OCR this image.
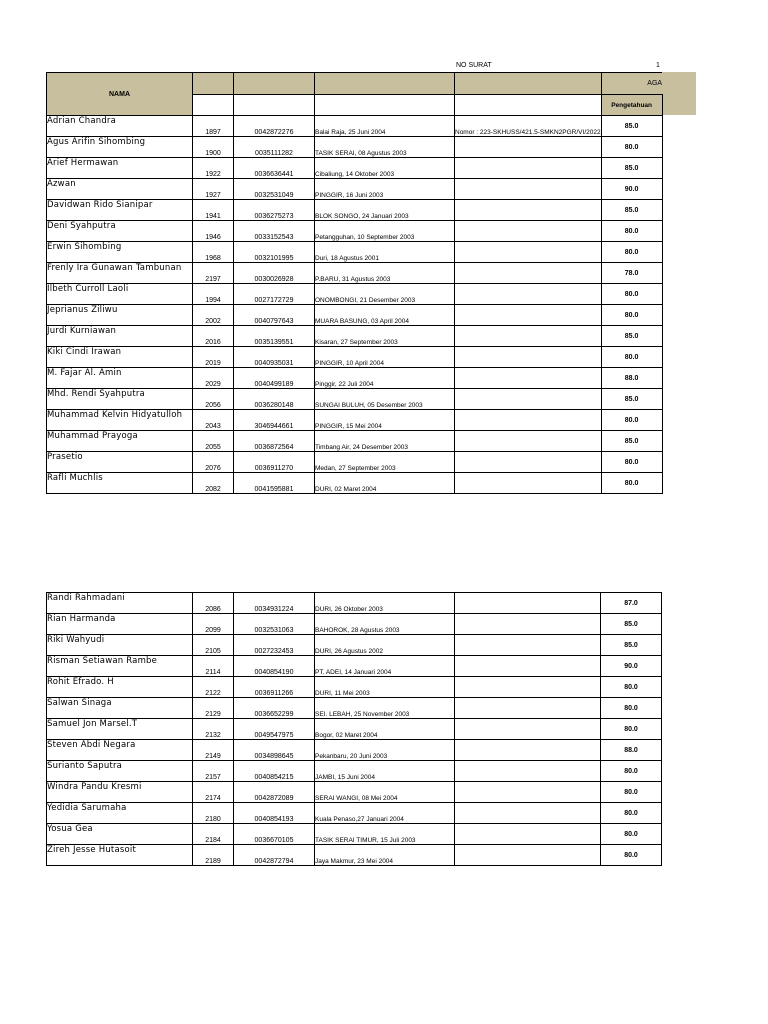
NO SURAT	1
NAMA					AGA
					Pengetahuan
Adrian Chandra	1897	0042872276	Balai Raja, 25 Juni 2004	Nomor : 223-SKHUSS/421.5-SMKN2PGR/VI/2022	85.0
Agus Arifin Sihombing	1900	0035111282	TASIK SERAI, 08 Agustus 2003		80.0
Arief Hermawan	1922	0036636441	Cibaliung, 14 Oktober 2003		85.0
Azwan	1927	0032531049	PINGGIR, 16 Juni 2003		90.0
Davidwan Rido Sianipar	1941	0036275273	BLOK SONGO, 24 Januari 2003		85.0
Deni Syahputra	1946	0033152543	Petangguhan, 10 September 2003		80.0
Erwin Sihombing	1968	0032101995	Duri, 18 Agustus 2001		80.0
Frenly Ira Gunawan Tambunan	2197	0030026928	P.BARU, 31 Agustus 2003		78.0
Ilbeth Curroll Laoli	1994	0027172729	ONOMBONGI, 21 Desember 2003		80.0
Jeprianus Ziliwu	2002	0040797643	MUARA BASUNG, 03 April 2004		80.0
Jurdi Kurniawan	2016	0035139551	Kisaran, 27 September 2003		85.0
Kiki Cindi Irawan	2019	0040935031	PINGGIR, 10 April 2004		80.0
M. Fajar Al. Amin	2029	0040499189	Pinggir, 22 Juli 2004		88.0
Mhd. Rendi Syahputra	2056	0036280148	SUNGAI BULUH, 05 Desember 2003		85.0
Muhammad Kelvin Hidyatulloh	2043	3046944661	PINGGIR, 15 Mei 2004		80.0
Muhammad Prayoga	2055	0036872564	Timbang Air, 24 Desember 2003		85.0
Prasetio	2076	0036911270	Medan, 27 September 2003		80.0
Rafli Muchlis	2082	0041595881	DURI, 02 Maret 2004		80.0
Randi Rahmadani	2086	0034931224	DURI, 26 Oktober 2003		87.0
Rian Harmanda	2099	0032531063	BAHOROK, 28 Agustus 2003		85.0
Riki Wahyudi	2105	0027232453	DURI, 26 Agustus 2002		85.0
Risman Setiawan Rambe	2114	0040854190	PT. ADEI, 14 Januari 2004		90.0
Rohit Efrado. H	2122	0036911266	DURI, 11 Mei 2003		80.0
Salwan Sinaga	2129	0036652299	SEI. LEBAH, 25 November 2003		80.0
Samuel Jon Marsel.T	2132	0049547975	Bogor, 02 Maret 2004		80.0
Steven Abdi Negara	2149	0034898645	Pekanbaru, 20 Juni 2003		88.0
Surianto Saputra	2157	0040854215	JAMBI, 15 Juni 2004		80.0
Windra Pandu Kresmi	2174	0042872089	SERAI WANGI, 08 Mei 2004		80.0
Yedidia Sarumaha	2180	0040854193	Kuala Penaso,27 Januari 2004		80.0
Yosua Gea	2184	0036670105	TASIK SERAI TIMUR, 15 Juli 2003		80.0
Zireh Jesse Hutasoit	2189	0042872794	Jaya Makmur, 23 Mei 2004		80.0
